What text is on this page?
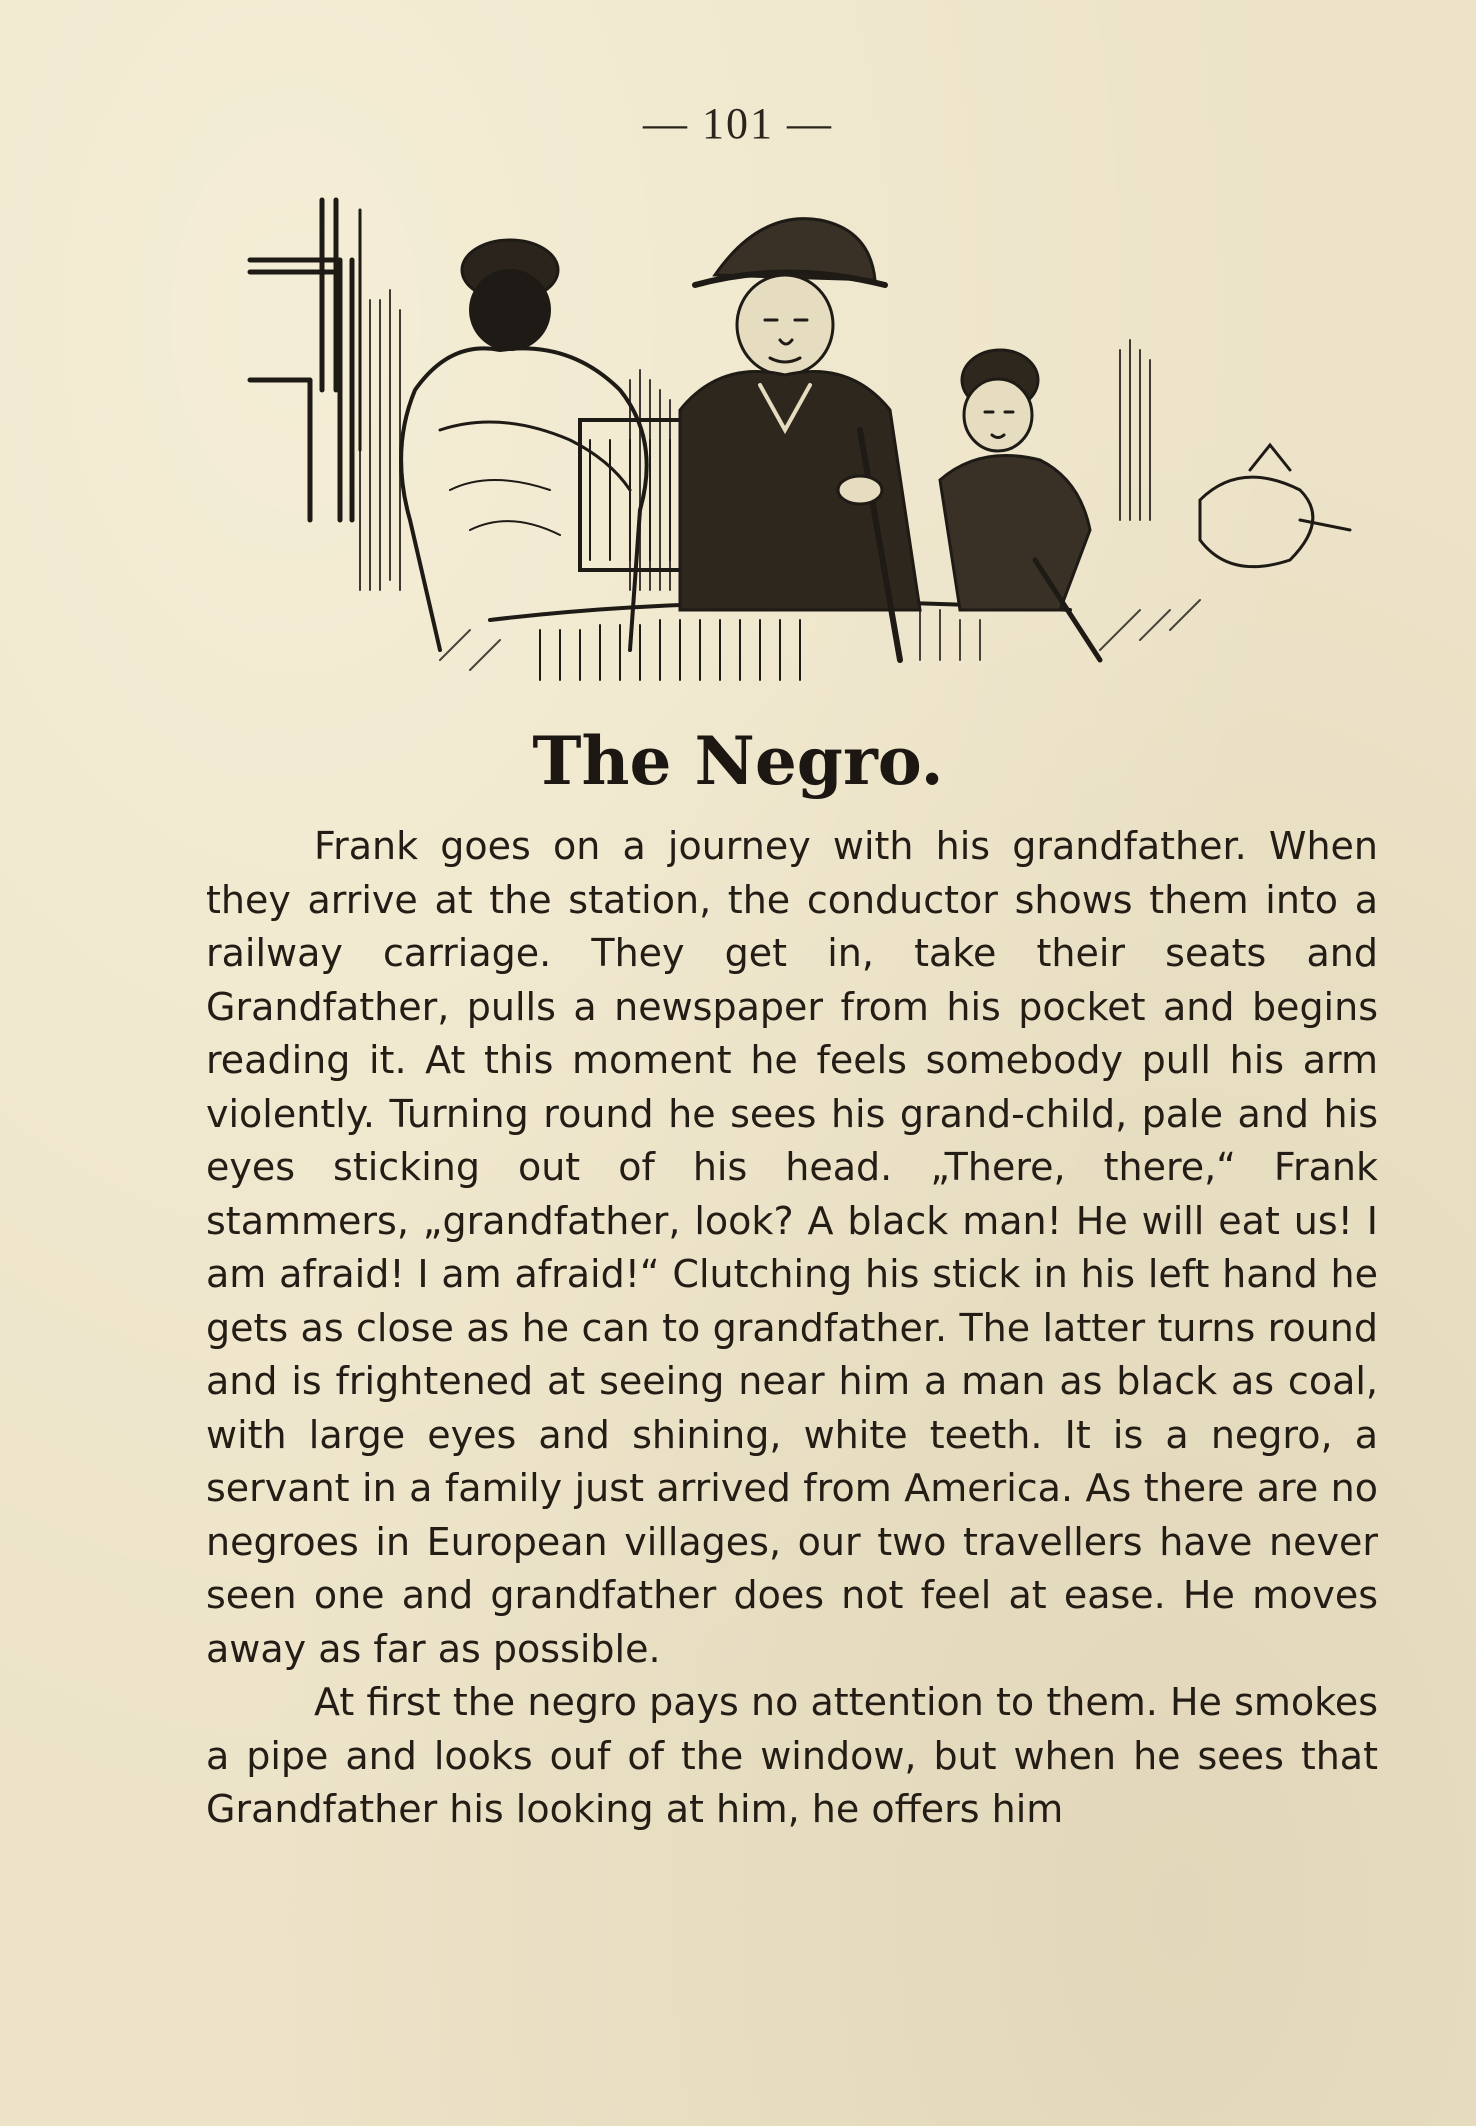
— 101 —
The Negro.

Frank goes on a journey with his grandfather. When they arrive at the station, the conductor shows them into a railway carriage. They get in, take their seats and Grandfather, pulls a newspaper from his pocket and begins reading it. At this moment he feels somebody pull his arm violently. Turning round he sees his grand-child, pale and his eyes sticking out of his head. „There, there,“ Frank stammers, „grandfather, look? A black man! He will eat us! I am afraid! I am afraid!“ Clutching his stick in his left hand he gets as close as he can to grandfather. The latter turns round and is frightened at seeing near him a man as black as coal, with large eyes and shining, white teeth. It is a negro, a servant in a family just arrived from America. As there are no negroes in European villages, our two travellers have never seen one and grandfather does not feel at ease. He moves away as far as possible.

At first the negro pays no attention to them. He smokes a pipe and looks ouf of the window, but when he sees that Grandfather his looking at him, he offers him
